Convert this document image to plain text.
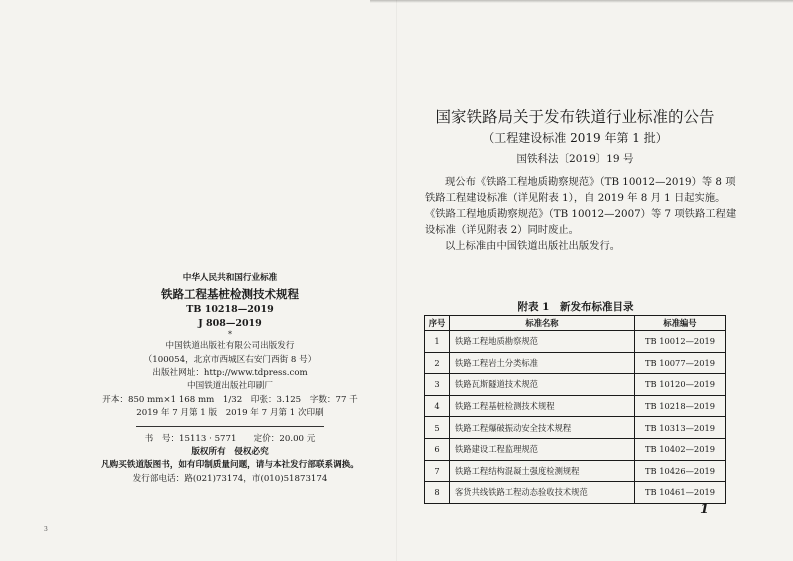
中华人民共和国行业标准
铁路工程基桩检测技术规程
TB 10218—2019
J 808—2019
*
中国铁道出版社有限公司出版发行
（100054，北京市西城区右安门西街 8 号）
出版社网址：http://www.tdpress.com
中国铁道出版社印刷厂
开本：850 mm×1 168 mm　1/32　印张：3.125　字数：77 千
2019 年 7 月第 1 版　2019 年 7 月第 1 次印刷
书　号：15113 · 5771　　定价：20.00 元
版权所有　侵权必究
凡购买铁道版图书，如有印制质量问题，请与本社发行部联系调换。
发行部电话：路(021)73174，市(010)51873174
3
国家铁路局关于发布铁道行业标准的公告
（工程建设标准 2019 年第 1 批）
国铁科法〔2019〕19 号

现公布《铁路工程地质勘察规范》（TB 10012—2019）等 8 项

铁路工程建设标准（详见附表 1），自 2019 年 8 月 1 日起实施。

《铁路工程地质勘察规范》（TB 10012—2007）等 7 项铁路工程建

设标准（详见附表 2）同时废止。

以上标准由中国铁道出版社出版发行。

附表 1　新发布标准目录
序号	标准名称	标准编号
1	铁路工程地质勘察规范	TB 10012—2019
2	铁路工程岩土分类标准	TB 10077—2019
3	铁路瓦斯隧道技术规范	TB 10120—2019
4	铁路工程基桩检测技术规程	TB 10218—2019
5	铁路工程爆破振动安全技术规程	TB 10313—2019
6	铁路建设工程监理规范	TB 10402—2019
7	铁路工程结构混凝土强度检测规程	TB 10426—2019
8	客货共线铁路工程动态验收技术规范	TB 10461—2019
1
